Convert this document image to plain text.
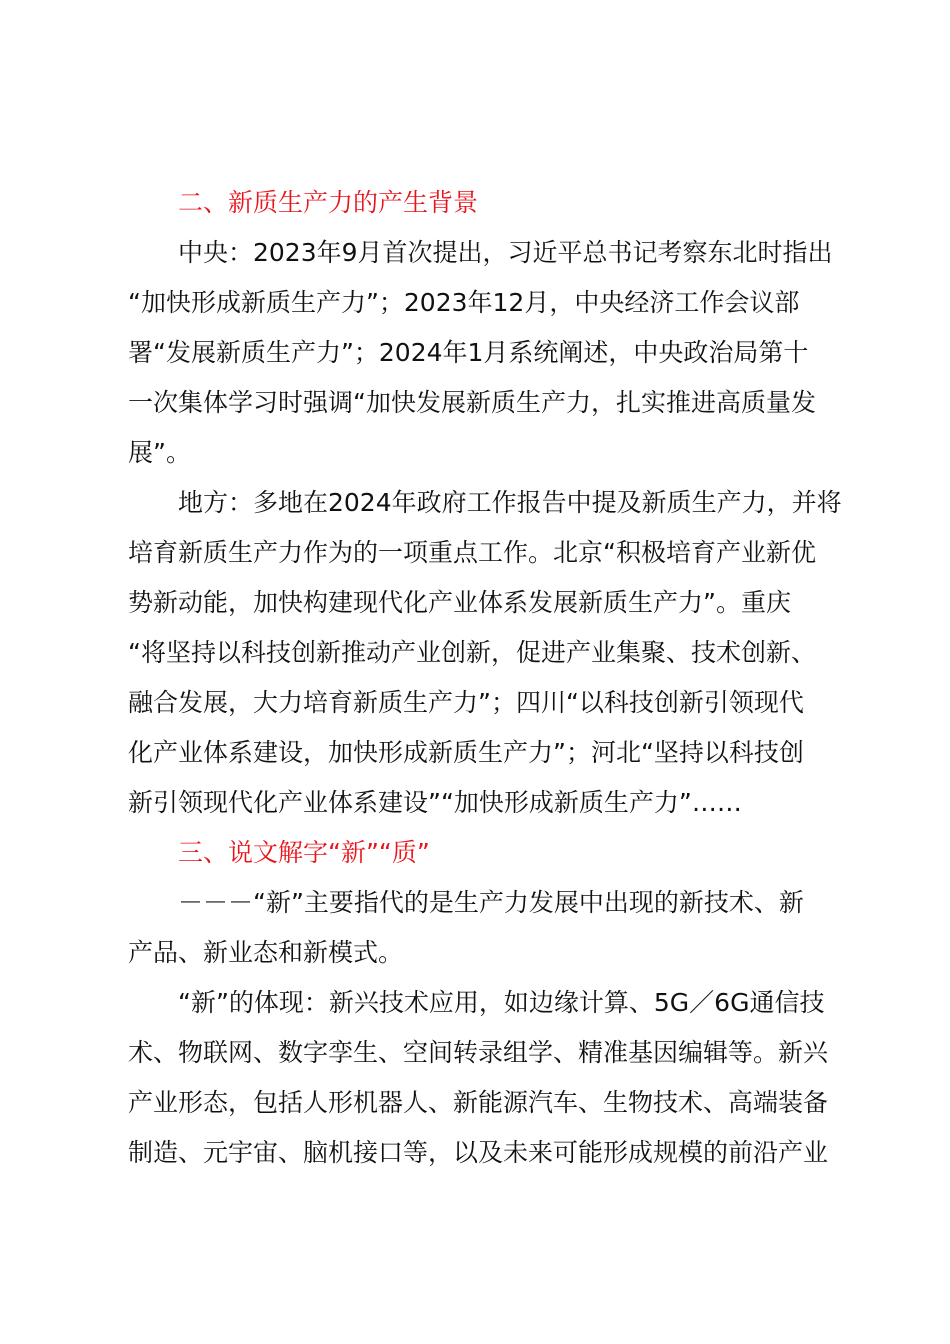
二、新质生产力的产生背景
中央：2023年9月首次提出，习近平总书记考察东北时指出
“加快形成新质生产力”；2023年12月，中央经济工作会议部
署“发展新质生产力”；2024年1月系统阐述，中央政治局第十
一次集体学习时强调“加快发展新质生产力，扎实推进高质量发
展”。
地方：多地在2024年政府工作报告中提及新质生产力，并将
培育新质生产力作为的一项重点工作。北京“积极培育产业新优
势新动能，加快构建现代化产业体系发展新质生产力”。重庆
“将坚持以科技创新推动产业创新，促进产业集聚、技术创新、
融合发展，大力培育新质生产力”；四川“以科技创新引领现代
化产业体系建设，加快形成新质生产力”；河北“坚持以科技创
新引领现代化产业体系建设”“加快形成新质生产力”……
三、说文解字“新”“质”
－－－“新”主要指代的是生产力发展中出现的新技术、新
产品、新业态和新模式。
“新”的体现：新兴技术应用，如边缘计算、5G／6G通信技
术、物联网、数字孪生、空间转录组学、精准基因编辑等。新兴
产业形态，包括人形机器人、新能源汽车、生物技术、高端装备
制造、元宇宙、脑机接口等，以及未来可能形成规模的前沿产业
